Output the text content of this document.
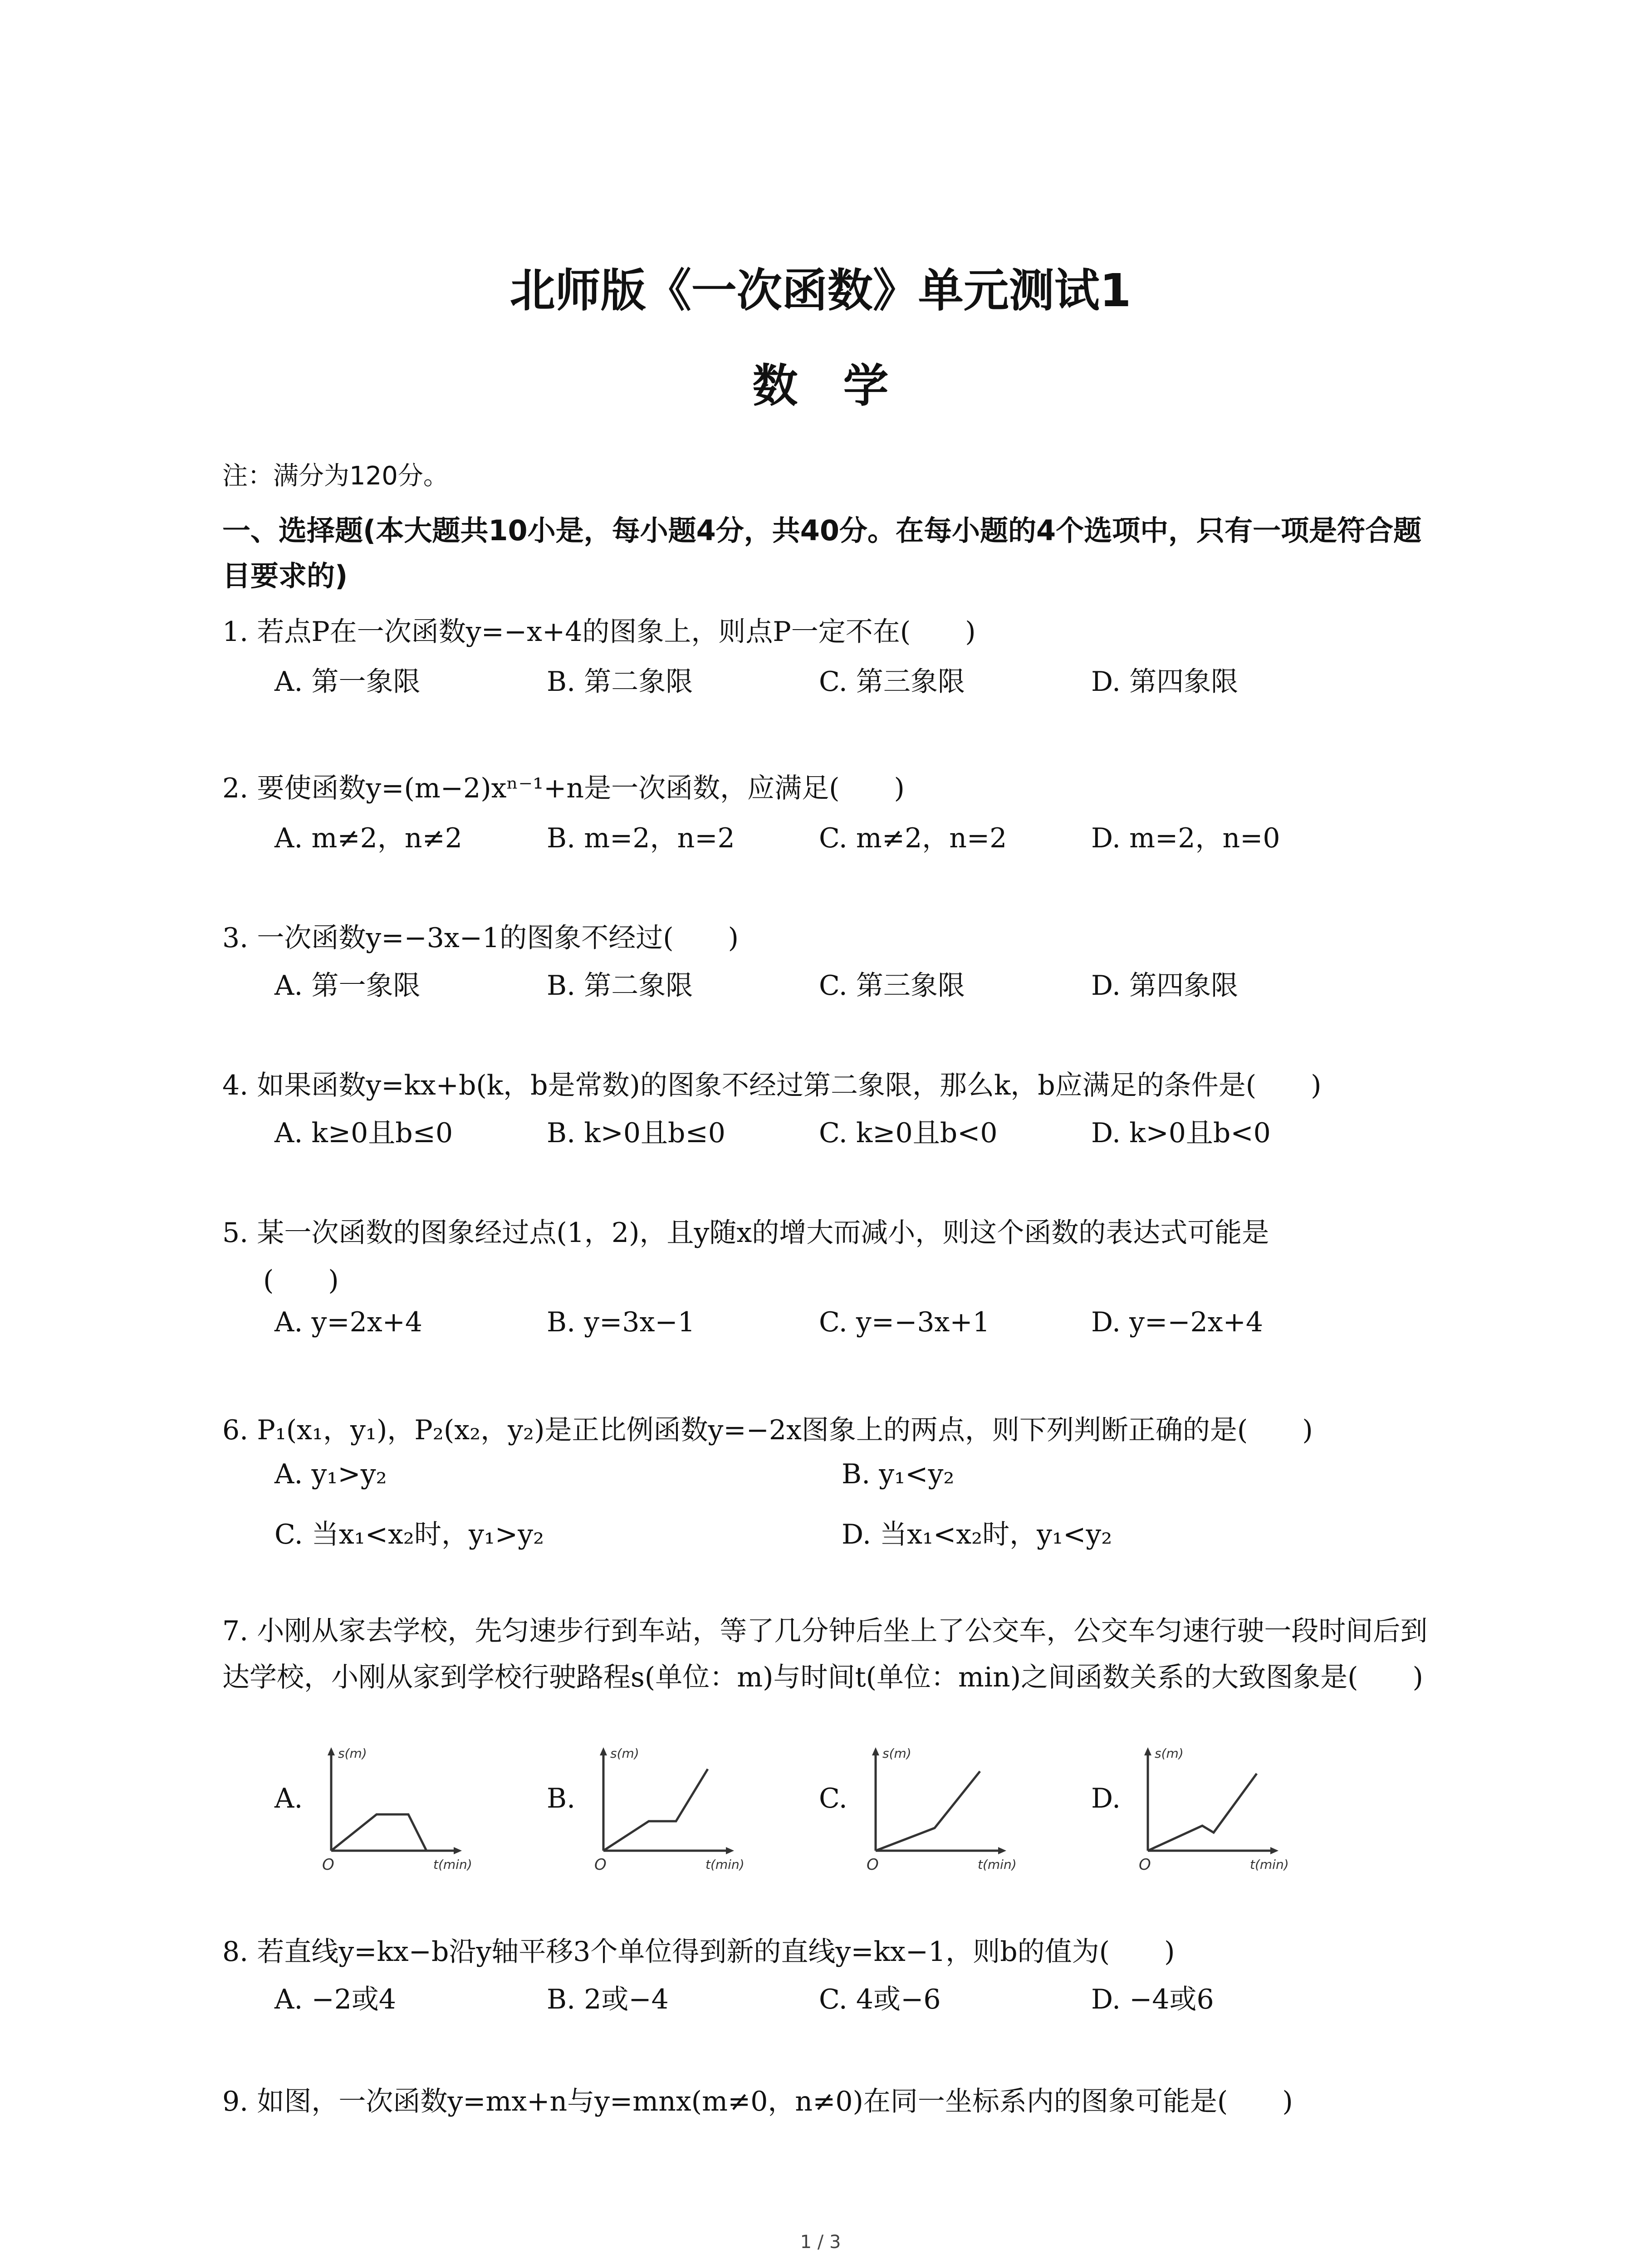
北师版《一次函数》单元测试1
数　学
注：满分为120分。
一、选择题(本大题共10小是，每小题4分，共40分。在每小题的4个选项中，只有一项是符合题目要求的)
1. 若点P在一次函数y=−x+4的图象上，则点P一定不在(　　)
A. 第一象限	B. 第二象限	C. 第三象限	D. 第四象限
2. 要使函数y=(m−2)xⁿ⁻¹+n是一次函数，应满足(　　)
A. m≠2，n≠2	B. m=2，n=2	C. m≠2，n=2	D. m=2，n=0
3. 一次函数y=−3x−1的图象不经过(　　)
A. 第一象限	B. 第二象限	C. 第三象限	D. 第四象限
4. 如果函数y=kx+b(k，b是常数)的图象不经过第二象限，那么k，b应满足的条件是(　　)
A. k≥0且b≤0	B. k>0且b≤0	C. k≥0且b<0	D. k>0且b<0
5. 某一次函数的图象经过点(1，2)，且y随x的增大而减小，则这个函数的表达式可能是
(　　)
A. y=2x+4	B. y=3x−1	C. y=−3x+1	D. y=−2x+4
6. P₁(x₁，y₁)，P₂(x₂，y₂)是正比例函数y=−2x图象上的两点，则下列判断正确的是(　　)
A. y₁>y₂	B. y₁<y₂
C. 当x₁<x₂时，y₁>y₂	D. 当x₁<x₂时，y₁<y₂
7. 小刚从家去学校，先匀速步行到车站，等了几分钟后坐上了公交车，公交车匀速行驶一段时间后到达学校，小刚从家到学校行驶路程s(单位：m)与时间t(单位：min)之间函数关系的大致图象是(　　)
A.
s(m)
t(min)
O
B.
s(m)
t(min)
O
C.
s(m)
t(min)
O
D.
s(m)
t(min)
O
8. 若直线y=kx−b沿y轴平移3个单位得到新的直线y=kx−1，则b的值为(　　)
A. −2或4	B. 2或−4	C. 4或−6	D. −4或6
9. 如图，一次函数y=mx+n与y=mnx(m≠0，n≠0)在同一坐标系内的图象可能是(　　)
1 / 3
